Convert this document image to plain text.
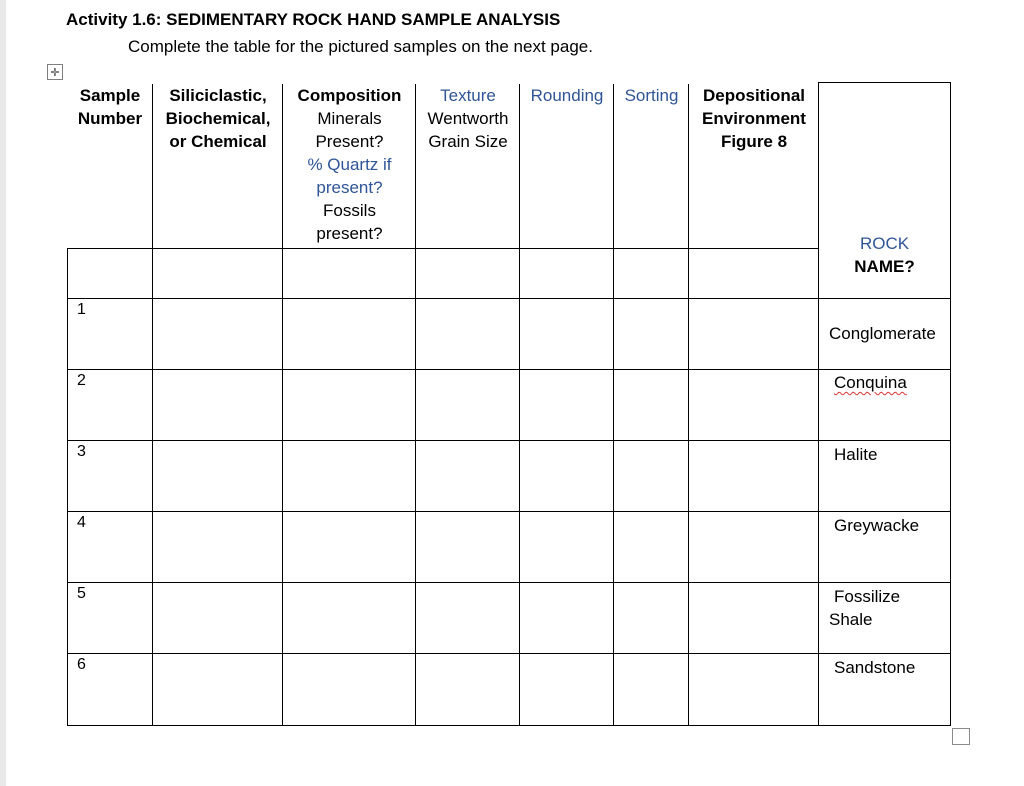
Activity 1.6: SEDIMENTARY ROCK HAND SAMPLE ANALYSIS
Complete the table for the pictured samples on the next page.
✛
Sample
Number
Siliciclastic,
Biochemical,
or Chemical
Composition
Minerals
Present?
% Quartz if
present?
Fossils
present?
Texture
Wentworth
Grain Size
Rounding	Sorting	Depositional
Environment
Figure 8
ROCK
NAME?
1
2
3
4
5
6
Conglomerate
Conquina
Halite
Greywacke
Fossilize
Shale
Sandstone
